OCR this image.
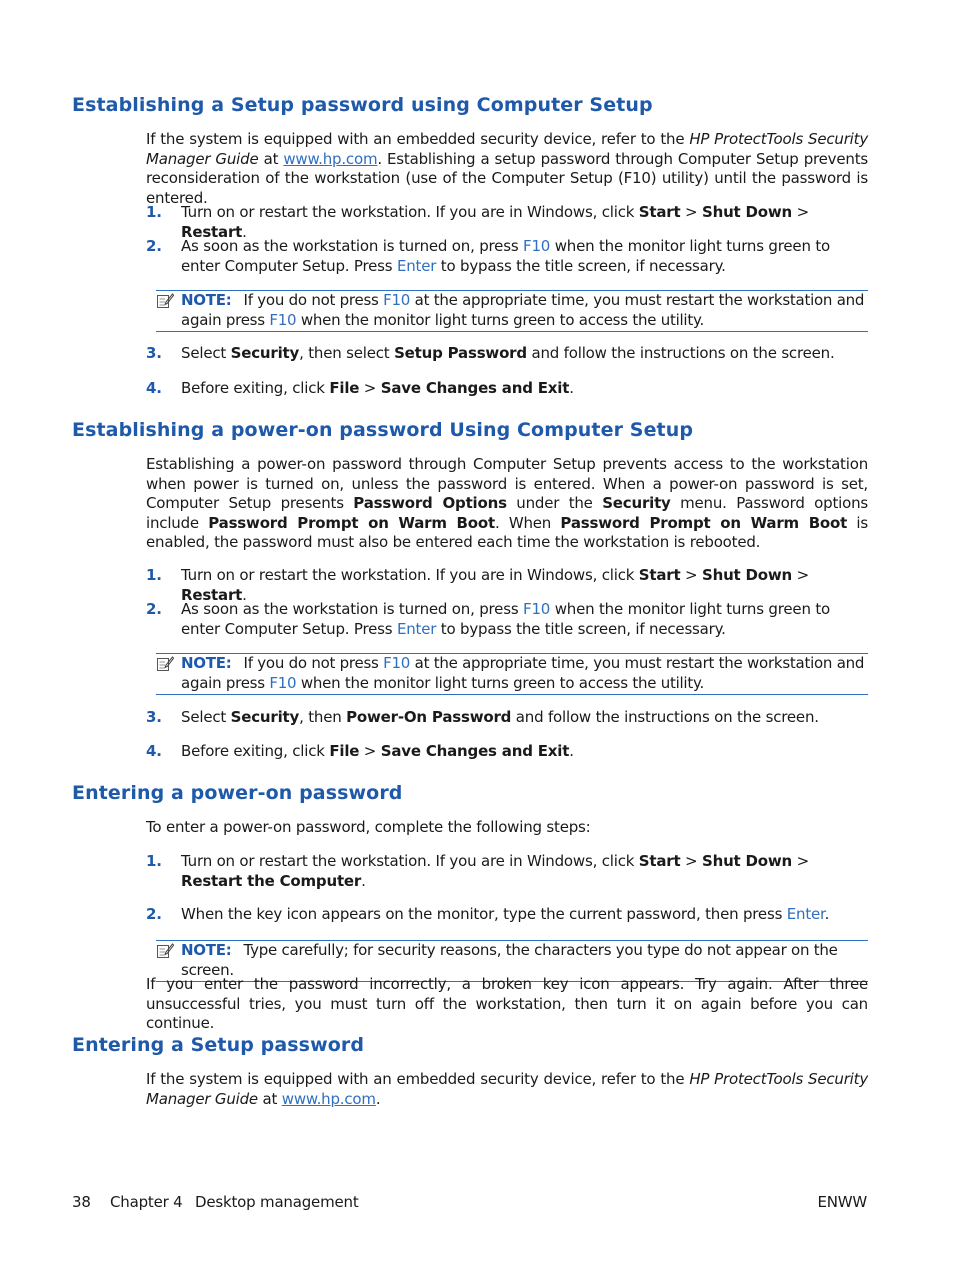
Establishing a Setup password using Computer Setup

If the system is equipped with an embedded security device, refer to the HP ProtectTools Security Manager Guide at www.hp.com. Establishing a setup password through Computer Setup prevents reconsideration of the workstation (use of the Computer Setup (F10) utility) until the password is entered.

1.	Turn on or restart the workstation. If you are in Windows, click Start > Shut Down > Restart.
2.	As soon as the workstation is turned on, press F10 when the monitor light turns green to enter Computer Setup. Press Enter to bypass the title screen, if necessary.
NOTE: If you do not press F10 at the appropriate time, you must restart the workstation and again press F10 when the monitor light turns green to access the utility.
3.	Select Security, then select Setup Password and follow the instructions on the screen.
4.	Before exiting, click File > Save Changes and Exit.
Establishing a power-on password Using Computer Setup

Establishing a power-on password through Computer Setup prevents access to the workstation when power is turned on, unless the password is entered. When a power-on password is set, Computer Setup presents Password Options under the Security menu. Password options include Password Prompt on Warm Boot. When Password Prompt on Warm Boot is enabled, the password must also be entered each time the workstation is rebooted.

1.	Turn on or restart the workstation. If you are in Windows, click Start > Shut Down > Restart.
2.	As soon as the workstation is turned on, press F10 when the monitor light turns green to enter Computer Setup. Press Enter to bypass the title screen, if necessary.
NOTE: If you do not press F10 at the appropriate time, you must restart the workstation and again press F10 when the monitor light turns green to access the utility.
3.	Select Security, then Power-On Password and follow the instructions on the screen.
4.	Before exiting, click File > Save Changes and Exit.
Entering a power-on password

To enter a power-on password, complete the following steps:

1.	Turn on or restart the workstation. If you are in Windows, click Start > Shut Down > Restart the Computer.
2.	When the key icon appears on the monitor, type the current password, then press Enter.
NOTE: Type carefully; for security reasons, the characters you type do not appear on the screen.

If you enter the password incorrectly, a broken key icon appears. Try again. After three unsuccessful tries, you must turn off the workstation, then turn it on again before you can continue.

Entering a Setup password

If the system is equipped with an embedded security device, refer to the HP ProtectTools Security Manager Guide at www.hp.com.

38 Chapter 4 Desktop management	ENWW
